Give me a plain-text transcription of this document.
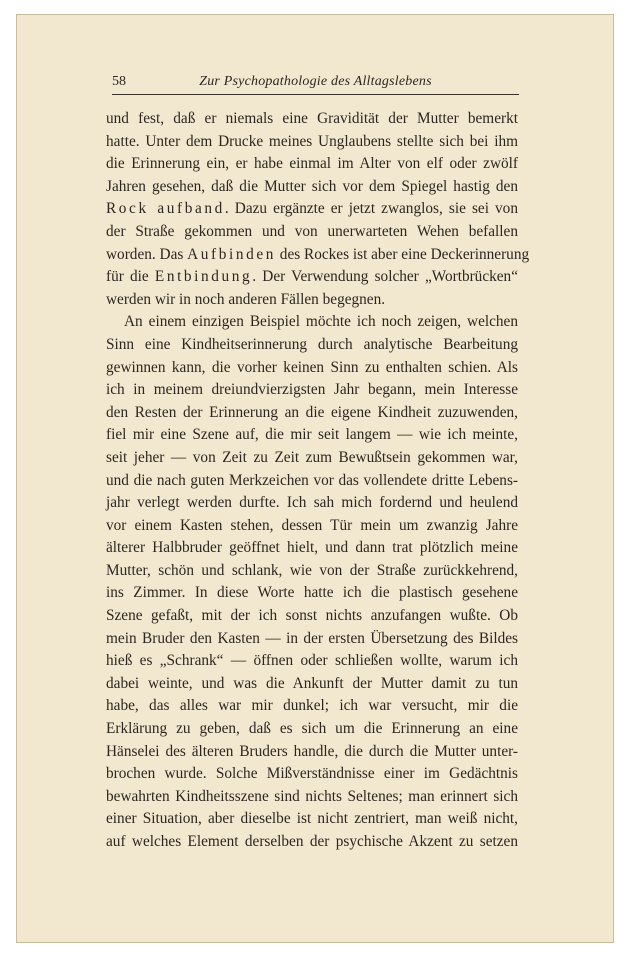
58	Zur Psychopathologie des Alltagslebens
und fest, daß er niemals eine Gravidität der Mutter bemerkt
hatte. Unter dem Drucke meines Unglaubens stellte sich bei ihm
die Erinnerung ein, er habe einmal im Alter von elf oder zwölf
Jahren gesehen, daß die Mutter sich vor dem Spiegel hastig den
Rock aufband. Dazu ergänzte er jetzt zwanglos, sie sei von
der Straße gekommen und von unerwarteten Wehen befallen
worden. Das Aufbinden des Rockes ist aber eine Deckerinnerung
für die Entbindung. Der Verwendung solcher „Wortbrücken“
werden wir in noch anderen Fällen begegnen.
An einem einzigen Beispiel möchte ich noch zeigen, welchen
Sinn eine Kindheitserinnerung durch analytische Bearbeitung
gewinnen kann, die vorher keinen Sinn zu enthalten schien. Als
ich in meinem dreiundvierzigsten Jahr begann, mein Interesse
den Resten der Erinnerung an die eigene Kindheit zuzuwenden,
fiel mir eine Szene auf, die mir seit langem — wie ich meinte,
seit jeher — von Zeit zu Zeit zum Bewußtsein gekommen war,
und die nach guten Merkzeichen vor das vollendete dritte Lebens-
jahr verlegt werden durfte. Ich sah mich fordernd und heulend
vor einem Kasten stehen, dessen Tür mein um zwanzig Jahre
älterer Halbbruder geöffnet hielt, und dann trat plötzlich meine
Mutter, schön und schlank, wie von der Straße zurückkehrend,
ins Zimmer. In diese Worte hatte ich die plastisch gesehene
Szene gefaßt, mit der ich sonst nichts anzufangen wußte. Ob
mein Bruder den Kasten — in der ersten Übersetzung des Bildes
hieß es „Schrank“ — öffnen oder schließen wollte, warum ich
dabei weinte, und was die Ankunft der Mutter damit zu tun
habe, das alles war mir dunkel; ich war versucht, mir die
Erklärung zu geben, daß es sich um die Erinnerung an eine
Hänselei des älteren Bruders handle, die durch die Mutter unter-
brochen wurde. Solche Mißverständnisse einer im Gedächtnis
bewahrten Kindheitsszene sind nichts Seltenes; man erinnert sich
einer Situation, aber dieselbe ist nicht zentriert, man weiß nicht,
auf welches Element derselben der psychische Akzent zu setzen
